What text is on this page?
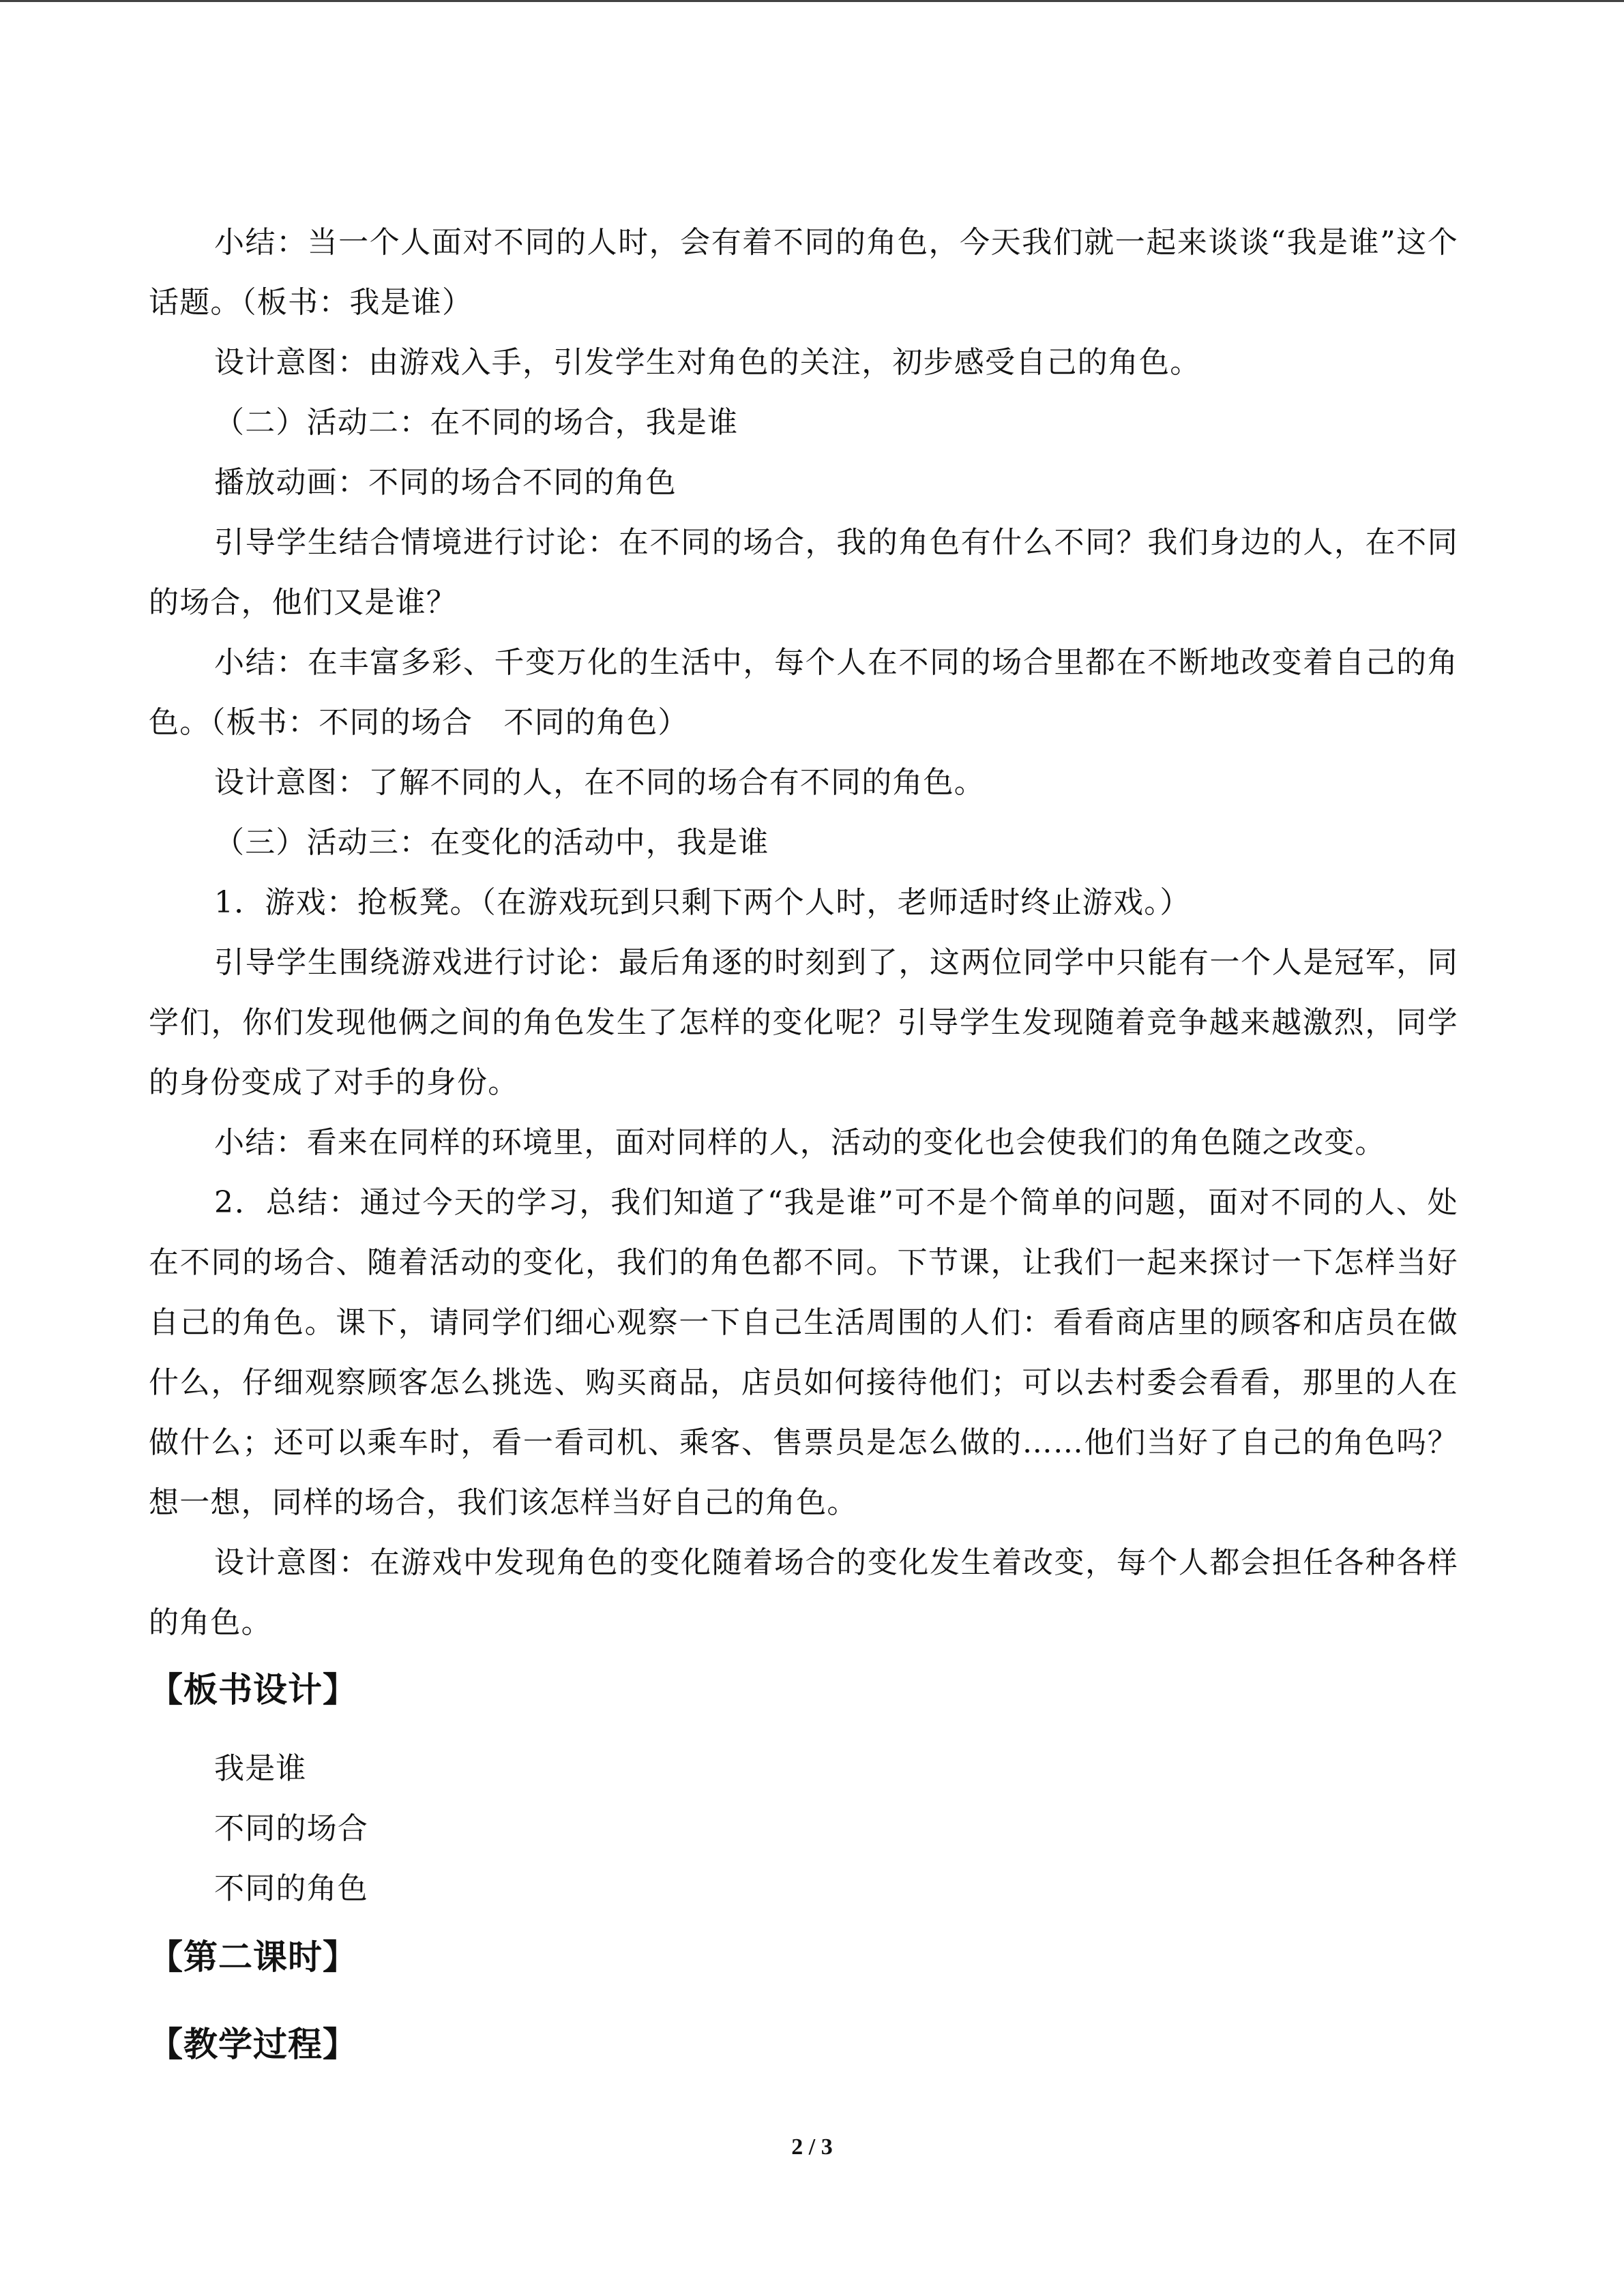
小结：当一个人面对不同的人时，会有着不同的角色，今天我们就一起来谈谈“我是谁”这个话题。（板书：我是谁）

设计意图：由游戏入手，引发学生对角色的关注，初步感受自己的角色。

（二）活动二：在不同的场合，我是谁

播放动画：不同的场合不同的角色

引导学生结合情境进行讨论：在不同的场合，我的角色有什么不同？我们身边的人，在不同的场合，他们又是谁？

小结：在丰富多彩、千变万化的生活中，每个人在不同的场合里都在不断地改变着自己的角色。（板书：不同的场合　不同的角色）

设计意图：了解不同的人，在不同的场合有不同的角色。

（三）活动三：在变化的活动中，我是谁

1．游戏：抢板凳。（在游戏玩到只剩下两个人时，老师适时终止游戏。）

引导学生围绕游戏进行讨论：最后角逐的时刻到了，这两位同学中只能有一个人是冠军，同学们，你们发现他俩之间的角色发生了怎样的变化呢？引导学生发现随着竞争越来越激烈，同学的身份变成了对手的身份。

小结：看来在同样的环境里，面对同样的人，活动的变化也会使我们的角色随之改变。

2．总结：通过今天的学习，我们知道了“我是谁”可不是个简单的问题，面对不同的人、处在不同的场合、随着活动的变化，我们的角色都不同。下节课，让我们一起来探讨一下怎样当好自己的角色。课下，请同学们细心观察一下自己生活周围的人们：看看商店里的顾客和店员在做什么，仔细观察顾客怎么挑选、购买商品，店员如何接待他们；可以去村委会看看，那里的人在做什么；还可以乘车时，看一看司机、乘客、售票员是怎么做的……他们当好了自己的角色吗？想一想，同样的场合，我们该怎样当好自己的角色。

设计意图：在游戏中发现角色的变化随着场合的变化发生着改变，每个人都会担任各种各样的角色。

【板书设计】

我是谁

不同的场合

不同的角色

【第二课时】
【教学过程】
2 / 3
